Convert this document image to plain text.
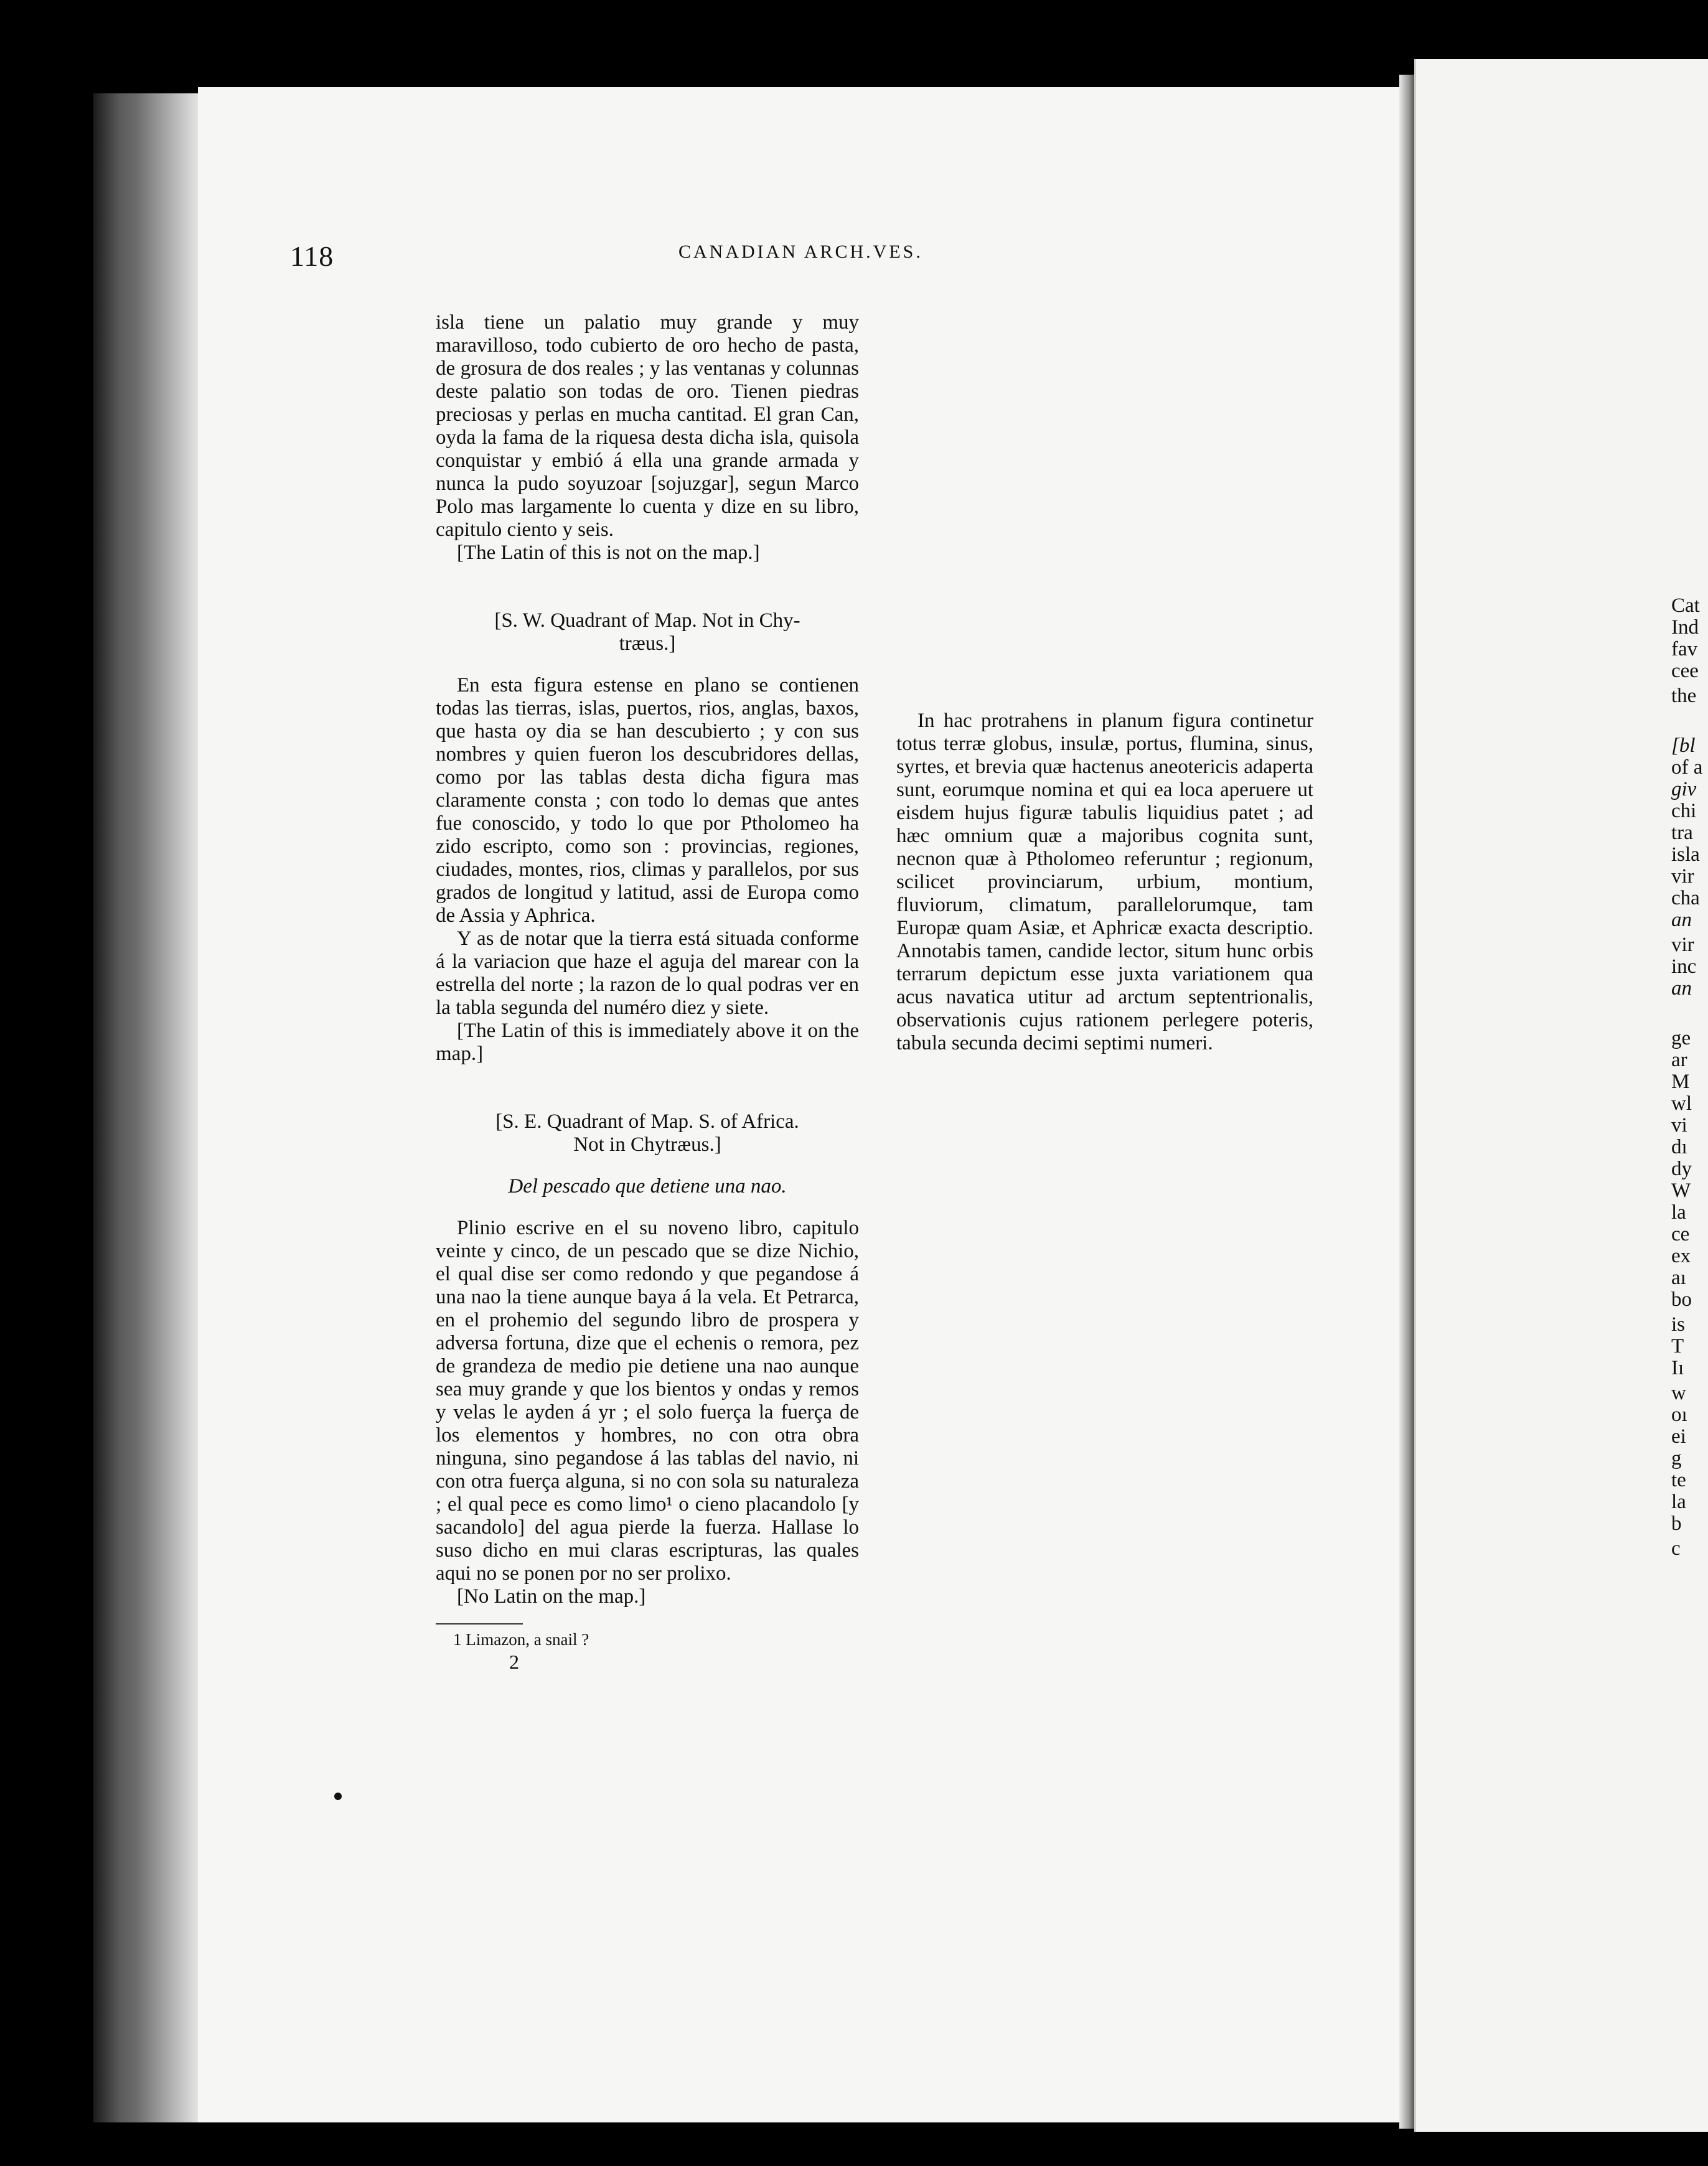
118	CANADIAN ARCH.VES.

isla tiene un palatio muy grande y muy maravilloso, todo cubierto de oro hecho de pasta, de grosura de dos reales ; y las ventanas y colunnas deste palatio son todas de oro. Tienen piedras preciosas y perlas en mucha cantitad. El gran Can, oyda la fama de la riquesa desta dicha isla, quisola conquistar y embió á ella una grande armada y nunca la pudo soyuzoar [sojuzgar], segun Marco Polo mas largamente lo cuenta y dize en su libro, capitulo ciento y seis.

[The Latin of this is not on the map.]

[S. W. Quadrant of Map. Not in Chy-

træus.]

En esta figura estense en plano se contienen todas las tierras, islas, puertos, rios, anglas, baxos, que hasta oy dia se han descubierto ; y con sus nombres y quien fueron los descubridores dellas, como por las tablas desta dicha figura mas claramente consta ; con todo lo demas que antes fue conoscido, y todo lo que por Ptholomeo ha zido escripto, como son : provincias, regiones, ciudades, montes, rios, climas y parallelos, por sus grados de longitud y latitud, assi de Europa como de Assia y Aphrica.

Y as de notar que la tierra está situada conforme á la variacion que haze el aguja del marear con la estrella del norte ; la razon de lo qual podras ver en la tabla segunda del numéro diez y siete.

[The Latin of this is immediately above it on the map.]

[S. E. Quadrant of Map. S. of Africa.

Not in Chytræus.]

Del pescado que detiene una nao.

Plinio escrive en el su noveno libro, capitulo veinte y cinco, de un pescado que se dize Nichio, el qual dise ser como redondo y que pegandose á una nao la tiene aunque baya á la vela. Et Petrarca, en el prohemio del segundo libro de prospera y adversa fortuna, dize que el echenis o remora, pez de grandeza de medio pie detiene una nao aunque sea muy grande y que los bientos y ondas y remos y velas le ayden á yr ; el solo fuerça la fuerça de los elementos y hombres, no con otra obra ninguna, sino pegandose á las tablas del navio, ni con otra fuerça alguna, si no con sola su naturaleza ; el qual pece es como limo¹ o cieno placandolo [y sacandolo] del agua pierde la fuerza. Hallase lo suso dicho en mui claras escripturas, las quales aqui no se ponen por no ser prolixo.

[No Latin on the map.]

1 Limazon, a snail ?
2

In hac protrahens in planum figura continetur totus terræ globus, insulæ, portus, flumina, sinus, syrtes, et brevia quæ hactenus aneotericis adaperta sunt, eorumque nomina et qui ea loca aperuere ut eisdem hujus figuræ tabulis liquidius patet ; ad hæc omnium quæ a majoribus cognita sunt, necnon quæ à Ptholomeo referuntur ; regionum, scilicet provinciarum, urbium, montium, fluviorum, climatum, parallelorumque, tam Europæ quam Asiæ, et Aphricæ exacta descriptio. Annotabis tamen, candide lector, situm hunc orbis terrarum depictum esse juxta variationem qua acus navatica utitur ad arctum septentrionalis, observationis cujus rationem perlegere poteris, tabula secunda decimi septimi numeri.

Cat
Ind
fav
cee
the
[bl
of a
giv
chi
tra
isla
vir
cha
an
vir
inc
an
ge
ar
M
wl
vi
dı
dy
W
la
ce
ex
aı
bo
is
T
Iı
w
oı
ei
g
te
la
b
c
